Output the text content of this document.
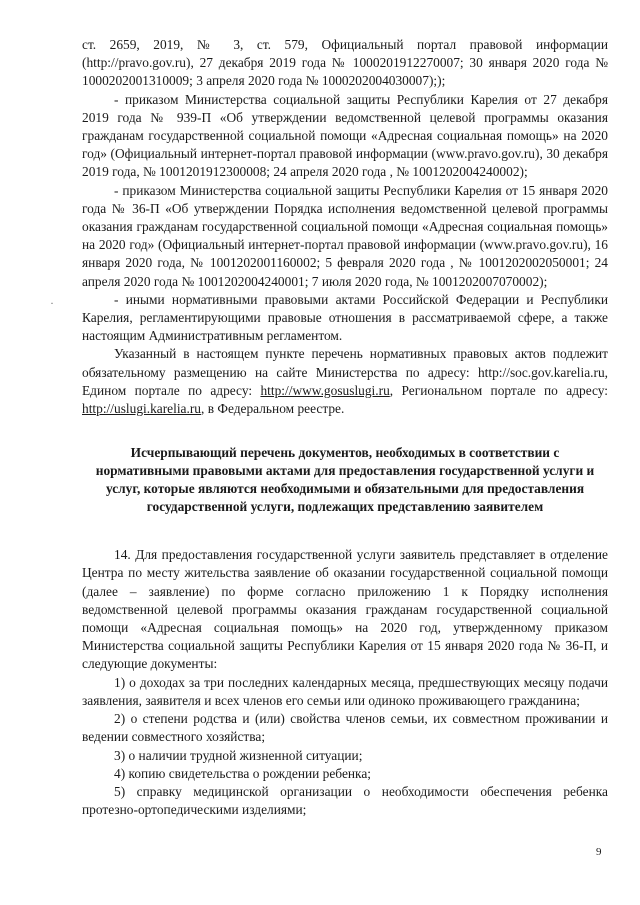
ст. 2659, 2019, № 3, ст. 579, Официальный портал правовой информации (http://pravo.gov.ru), 27 декабря 2019 года № 1000201912270007; 30 января 2020 года № 1000202001310009; 3 апреля 2020 года № 1000202004030007););

- приказом Министерства социальной защиты Республики Карелия от 27 декабря 2019 года № 939-П «Об утверждении ведомственной целевой программы оказания гражданам государственной социальной помощи «Адресная социальная помощь» на 2020 год» (Официальный интернет-портал правовой информации (www.pravo.gov.ru), 30 декабря 2019 года, № 1001201912300008; 24 апреля 2020 года , № 1001202004240002);

- приказом Министерства социальной защиты Республики Карелия от 15 января 2020 года № 36-П «Об утверждении Порядка исполнения ведомственной целевой программы оказания гражданам государственной социальной помощи «Адресная социальная помощь» на 2020 год» (Официальный интернет-портал правовой информации (www.pravo.gov.ru), 16 января 2020 года, № 1001202001160002; 5 февраля 2020 года , № 1001202002050001; 24 апреля 2020 года № 1001202004240001; 7 июля 2020 года, № 1001202007070002);

- иными нормативными правовыми актами Российской Федерации и Республики Карелия, регламентирующими правовые отношения в рассматриваемой сфере, а также настоящим Административным регламентом.

Указанный в настоящем пункте перечень нормативных правовых актов подлежит обязательному размещению на сайте Министерства по адресу: http://soc.gov.karelia.ru, Едином портале по адресу: http://www.gosuslugi.ru, Региональном портале по адресу: http://uslugi.karelia.ru, в Федеральном реестре.

Исчерпывающий перечень документов, необходимых в соответствии с нормативными правовыми актами для предоставления государственной услуги и услуг, которые являются необходимыми и обязательными для предоставления государственной услуги, подлежащих представлению заявителем

14. Для предоставления государственной услуги заявитель представляет в отделение Центра по месту жительства заявление об оказании государственной социальной помощи (далее – заявление) по форме согласно приложению 1 к Порядку исполнения ведомственной целевой программы оказания гражданам государственной социальной помощи «Адресная социальная помощь» на 2020 год, утвержденному приказом Министерства социальной защиты Республики Карелия от 15 января 2020 года № 36-П, и следующие документы:

1) о доходах за три последних календарных месяца, предшествующих месяцу подачи заявления, заявителя и всех членов его семьи или одиноко проживающего гражданина;

2) о степени родства и (или) свойства членов семьи, их совместном проживании и ведении совместного хозяйства;

3) о наличии трудной жизненной ситуации;

4) копию свидетельства о рождении ребенка;

5) справку медицинской организации о необходимости обеспечения ребенка протезно-ортопедическими изделиями;

·
9
